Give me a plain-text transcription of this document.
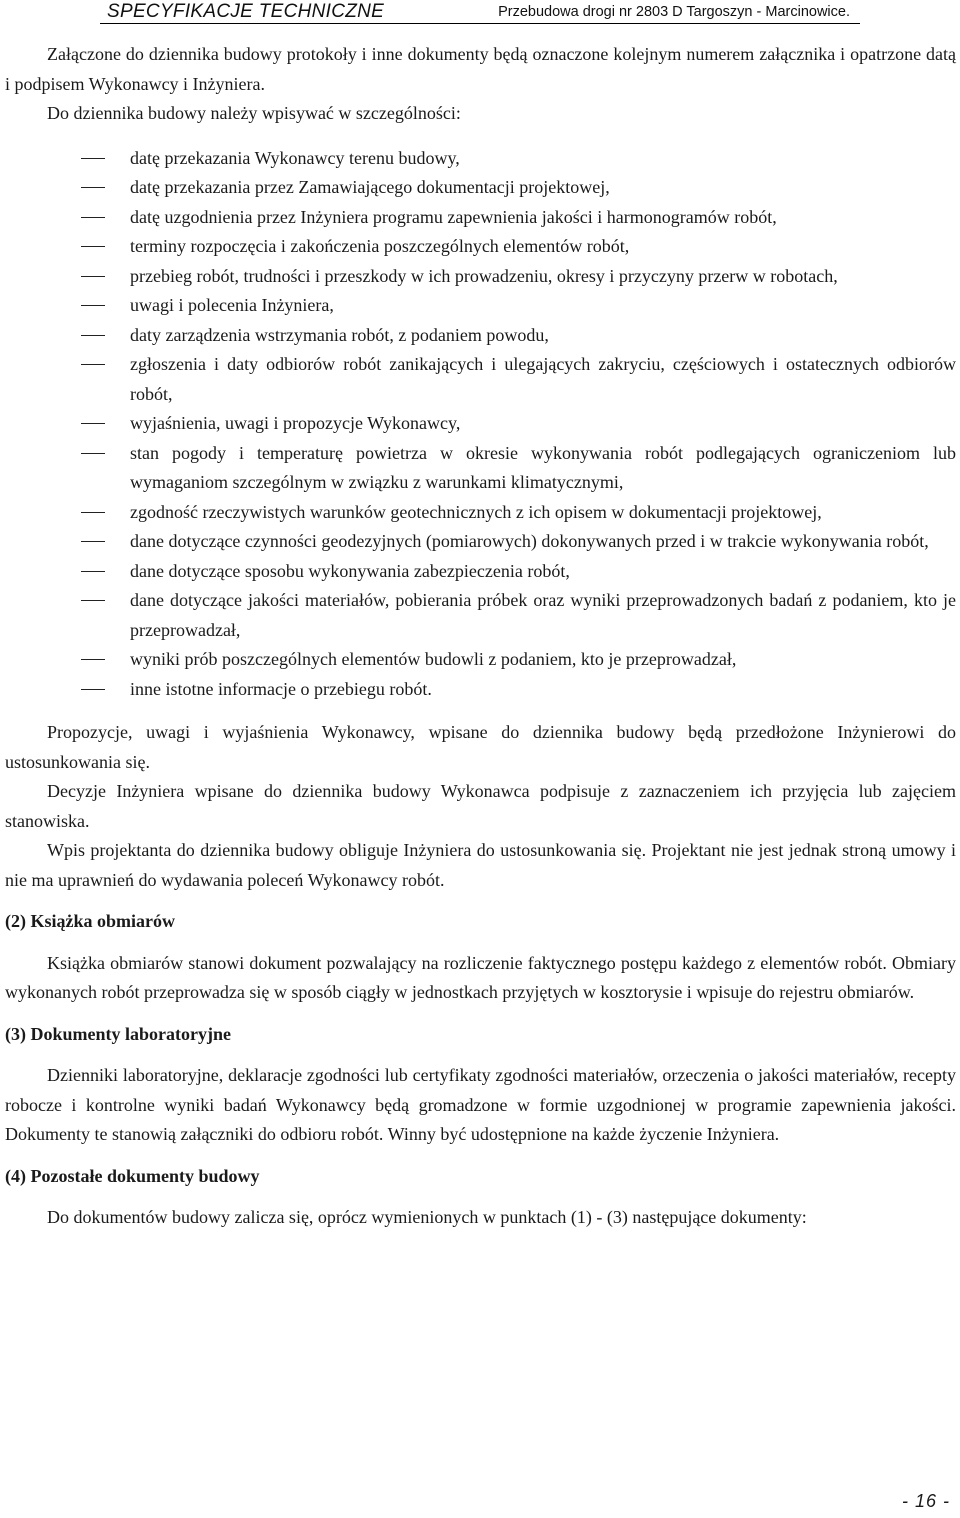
SPECYFIKACJE TECHNICZNE	Przebudowa drogi nr 2803 D Targoszyn - Marcinowice.

Załączone do dziennika budowy protokoły i inne dokumenty będą oznaczone kolejnym numerem załącznika i opatrzone datą i podpisem Wykonawcy i Inżyniera.

Do dziennika budowy należy wpisywać w szczególności:

datę przekazania Wykonawcy terenu budowy,
datę przekazania przez Zamawiającego dokumentacji projektowej,
datę uzgodnienia przez Inżyniera programu zapewnienia jakości i harmonogramów robót,
terminy rozpoczęcia i zakończenia poszczególnych elementów robót,
przebieg robót, trudności i przeszkody w ich prowadzeniu, okresy i przyczyny przerw w robotach,
uwagi i polecenia Inżyniera,
daty zarządzenia wstrzymania robót, z podaniem powodu,
zgłoszenia i daty odbiorów robót zanikających i ulegających zakryciu, częściowych i ostatecznych odbiorów robót,
wyjaśnienia, uwagi i propozycje Wykonawcy,
stan pogody i temperaturę powietrza w okresie wykonywania robót podlegających ograniczeniom lub wymaganiom szczególnym w związku z warunkami klimatycznymi,
zgodność rzeczywistych warunków geotechnicznych z ich opisem w dokumentacji projektowej,
dane dotyczące czynności geodezyjnych (pomiarowych) dokonywanych przed i w trakcie wykonywania robót,
dane dotyczące sposobu wykonywania zabezpieczenia robót,
dane dotyczące jakości materiałów, pobierania próbek oraz wyniki przeprowadzonych badań z podaniem, kto je przeprowadzał,
wyniki prób poszczególnych elementów budowli z podaniem, kto je przeprowadzał,
inne istotne informacje o przebiegu robót.

Propozycje, uwagi i wyjaśnienia Wykonawcy, wpisane do dziennika budowy będą przedłożone Inżynierowi do ustosunkowania się.

Decyzje Inżyniera wpisane do dziennika budowy Wykonawca podpisuje z zaznaczeniem ich przyjęcia lub zajęciem stanowiska.

Wpis projektanta do dziennika budowy obliguje Inżyniera do ustosunkowania się. Projektant nie jest jednak stroną umowy i nie ma uprawnień do wydawania poleceń Wykonawcy robót.

(2) Książka obmiarów

Książka obmiarów stanowi dokument pozwalający na rozliczenie faktycznego postępu każdego z elementów robót. Obmiary wykonanych robót przeprowadza się w sposób ciągły w jednostkach przyjętych w kosztorysie i wpisuje do rejestru obmiarów.

(3) Dokumenty laboratoryjne

Dzienniki laboratoryjne, deklaracje zgodności lub certyfikaty zgodności materiałów, orzeczenia o jakości materiałów, recepty robocze i kontrolne wyniki badań Wykonawcy będą gromadzone w formie uzgodnionej w programie zapewnienia jakości. Dokumenty te stanowią załączniki do odbioru robót. Winny być udostępnione na każde życzenie Inżyniera.

(4) Pozostałe dokumenty budowy

Do dokumentów budowy zalicza się, oprócz wymienionych w punktach (1) - (3) następujące dokumenty:

- 16 -
